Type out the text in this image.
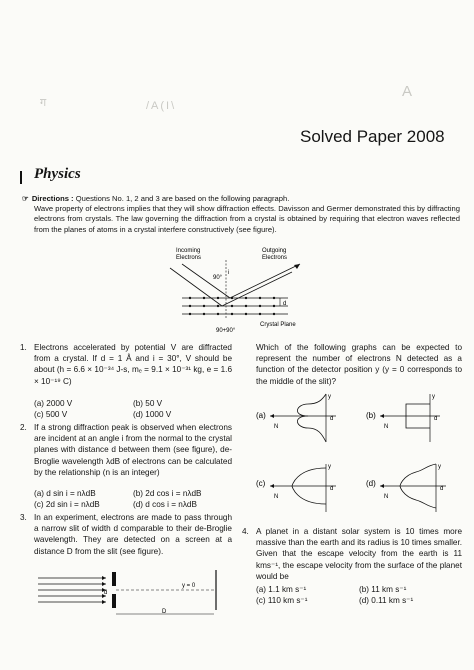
ग	/A(I\
A
Solved Paper 2008
Physics
☞ Directions : Questions No. 1, 2 and 3 are based on the following paragraph.
Wave property of electrons implies that they will show diffraction effects. Davisson and Germer demonstrated this by diffracting electrons from crystals. The law governing the diffraction from a crystal is obtained by requiring that electron waves reflected from the planes of atoms in a crystal interfere constructively (see figure).
Incoming
Electrons
Outgoing
Electrons
90°
i
d
90+90°
Crystal Plane
1. Electrons accelerated by potential V are diffracted from a crystal. If d = 1 Å and i = 30°, V should be about (h = 6.6 × 10⁻³⁴ J-s, mₑ = 9.1 × 10⁻³¹ kg, e = 1.6 × 10⁻¹⁹ C)
(a) 2000 V	(b) 50 V
(c) 500 V	(d) 1000 V
2. If a strong diffraction peak is observed when electrons are incident at an angle i from the normal to the crystal planes with distance d between them (see figure), de-Broglie wavelength λdB of electrons can be calculated by the relationship (n is an integer)
(a) d sin i = nλdB	(b) 2d cos i = nλdB
(c) 2d sin i = nλdB	(d) d cos i = nλdB
3. In an experiment, electrons are made to pass through a narrow slit of width d comparable to their de-Broglie wavelength. They are detected on a screen at a distance D from the slit (see figure).
y = 0
d
D
Which of the following graphs can be expected to represent the number of electrons N detected as a function of the detector position y (y = 0 corresponds to the middle of the slit)?
(a)
y
N
d	(b)
y
N
d
(c)
y
N
d
(d)
y
N
d
4. A planet in a distant solar system is 10 times more massive than the earth and its radius is 10 times smaller. Given that the escape velocity from the earth is 11 kms⁻¹, the escape velocity from the surface of the planet would be
(a) 1.1 km s⁻¹	(b) 11 km s⁻¹
(c) 110 km s⁻¹	(d) 0.11 km s⁻¹
